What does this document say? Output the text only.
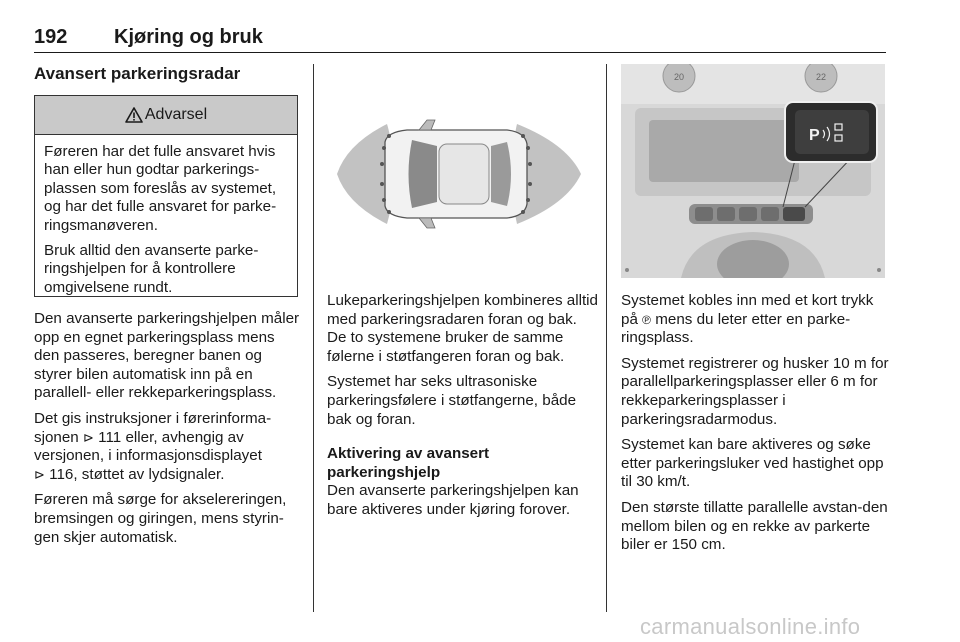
192 Kjøring og bruk
Avansert parkeringsradar
Advarsel

Føreren har det fulle ansvaret hvis han eller hun godtar parkerings-plassen som foreslås av systemet, og har det fulle ansvaret for parke-ringsmanøveren.

Bruk alltid den avanserte parke-ringshjelpen for å kontrollere omgivelsene rundt.

Den avanserte parkeringshjelpen måler opp en egnet parkeringsplass mens den passeres, beregner banen og styrer bilen automatisk inn på en parallell- eller rekkeparkeringsplass.

Det gis instruksjoner i førerinforma-sjonen ⊳ 111 eller, avhengig av versjonen, i informasjonsdisplayet
⊳ 116, støttet av lydsignaler.

Føreren må sørge for akselereringen, bremsingen og giringen, mens styrin-gen skjer automatisk.

Lukeparkeringshjelpen kombineres alltid med parkeringsradaren foran og bak. De to systemene bruker de samme følerne i støtfangeren foran og bak.

Systemet har seks ultrasoniske parkeringsfølere i støtfangerne, både bak og foran.

Aktivering av avansert parkeringshjelp

Den avanserte parkeringshjelpen kan bare aktiveres under kjøring forover.

20	22
P

Systemet kobles inn med et kort trykk på ℗ mens du leter etter en parke-ringsplass.

Systemet registrerer og husker 10 m for parallellparkeringsplasser eller 6 m for rekkeparkeringsplasser i parkeringsradarmodus.

Systemet kan bare aktiveres og søke etter parkeringsluker ved hastighet opp til 30 km/t.

Den største tillatte parallelle avstan-den mellom bilen og en rekke av parkerte biler er 150 cm.

carmanualsonline.info
